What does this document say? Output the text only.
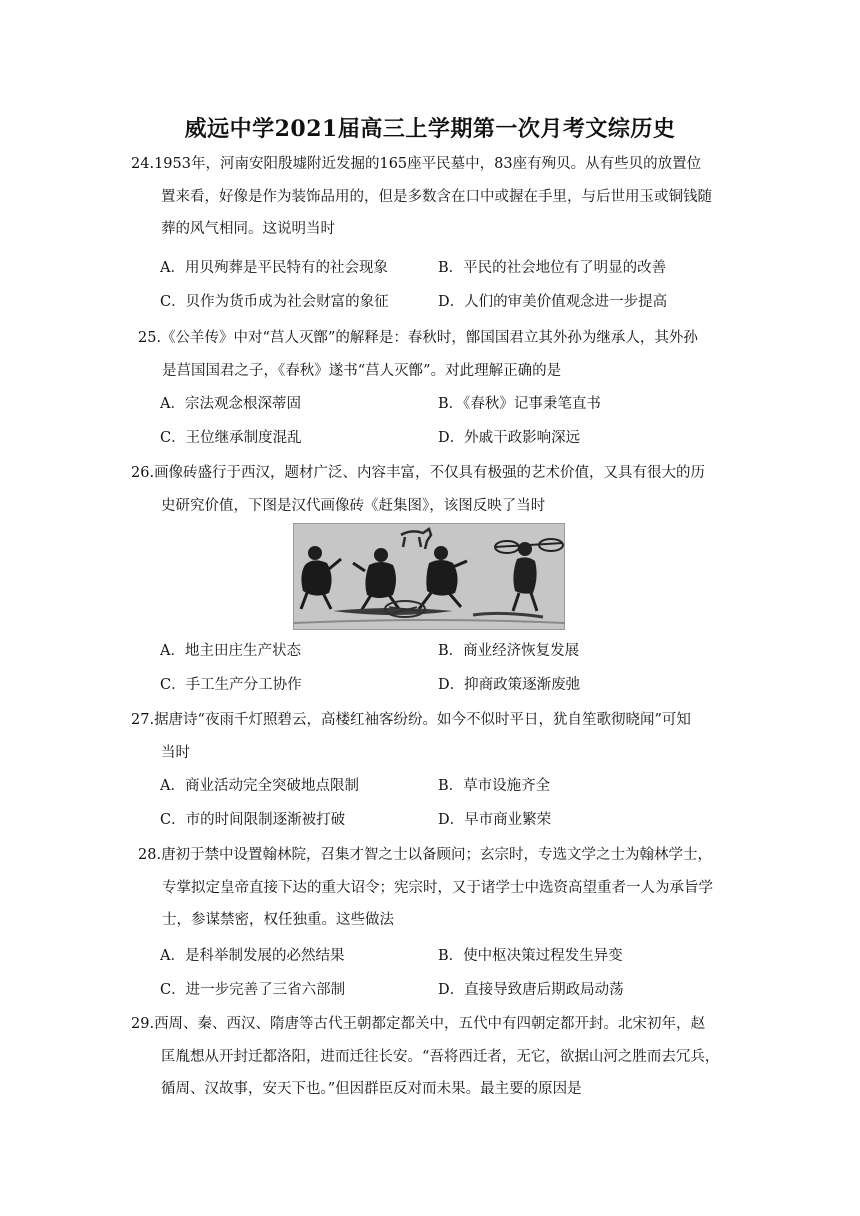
威远中学2021届高三上学期第一次月考文综历史
24.1953年，河南安阳殷墟附近发掘的165座平民墓中，83座有殉贝。从有些贝的放置位
置来看，好像是作为装饰品用的，但是多数含在口中或握在手里，与后世用玉或铜钱随
葬的风气相同。这说明当时
A．用贝殉葬是平民特有的社会现象	B．平民的社会地位有了明显的改善
C．贝作为货币成为社会财富的象征	D．人们的审美价值观念进一步提高
25.《公羊传》中对“莒人灭鄫”的解释是：春秋时，鄫国国君立其外孙为继承人，其外孙
是莒国国君之子，《春秋》遂书“莒人灭鄫”。对此理解正确的是
A．宗法观念根深蒂固	B．《春秋》记事秉笔直书
C．王位继承制度混乱	D．外戚干政影响深远
26.画像砖盛行于西汉，题材广泛、内容丰富，不仅具有极强的艺术价值，又具有很大的历
史研究价值，下图是汉代画像砖《赶集图》，该图反映了当时
A．地主田庄生产状态	B．商业经济恢复发展
C．手工生产分工协作	D．抑商政策逐渐废弛
27.据唐诗“夜雨千灯照碧云，高楼红袖客纷纷。如今不似时平日，犹自笙歌彻晓闻”可知
当时
A．商业活动完全突破地点限制	B．草市设施齐全
C．市的时间限制逐渐被打破	D．早市商业繁荣
28.唐初于禁中设置翰林院，召集才智之士以备顾问；玄宗时，专选文学之士为翰林学士，
专掌拟定皇帝直接下达的重大诏令；宪宗时，又于诸学士中选资高望重者一人为承旨学
士，参谋禁密，权任独重。这些做法
A．是科举制发展的必然结果	B．使中枢决策过程发生异变
C．进一步完善了三省六部制	D．直接导致唐后期政局动荡
29.西周、秦、西汉、隋唐等古代王朝都定都关中，五代中有四朝定都开封。北宋初年，赵
匡胤想从开封迁都洛阳，进而迁往长安。“吾将西迁者，无它，欲据山河之胜而去冗兵，
循周、汉故事，安天下也。”但因群臣反对而未果。最主要的原因是
